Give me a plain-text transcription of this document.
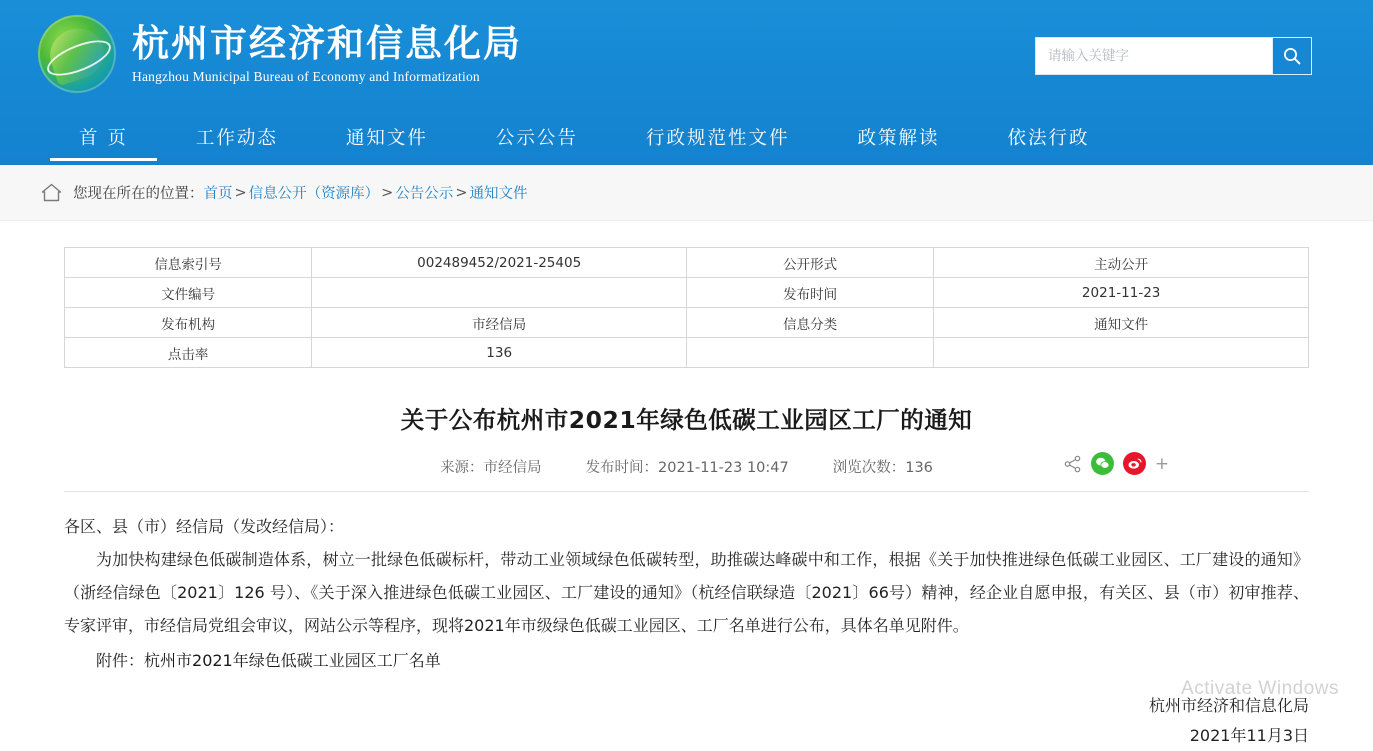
杭州市经济和信息化局
Hangzhou Municipal Bureau of Economy and Informatization
请输入关键字
首 页	工作动态	通知文件	公示公告	行政规范性文件	政策解读	依法行政
您现在所在的位置： 首页 > 信息公开（资源库） > 公告公示 > 通知文件
信息索引号	002489452/2021-25405	公开形式	主动公开
文件编号		发布时间	2021-11-23
发布机构	市经信局	信息分类	通知文件
点击率	136		
关于公布杭州市2021年绿色低碳工业园区工厂的通知
来源：市经信局	发布时间：2021-11-23 10:47	浏览次数：136	+
各区、县（市）经信局（发改经信局）：
为加快构建绿色低碳制造体系，树立一批绿色低碳标杆，带动工业领域绿色低碳转型，助推碳达峰碳中和工作，根据《关于加快推进绿色低碳工业园区、工厂建设的通知》（浙经信绿色〔2021〕126 号）、《关于深入推进绿色低碳工业园区、工厂建设的通知》（杭经信联绿造〔2021〕66号）精神，经企业自愿申报，有关区、县（市）初审推荐、专家评审，市经信局党组会审议，网站公示等程序，现将2021年市级绿色低碳工业园区、工厂名单进行公布，具体名单见附件。
附件：杭州市2021年绿色低碳工业园区工厂名单
杭州市经济和信息化局
2021年11月3日
Activate Windows
